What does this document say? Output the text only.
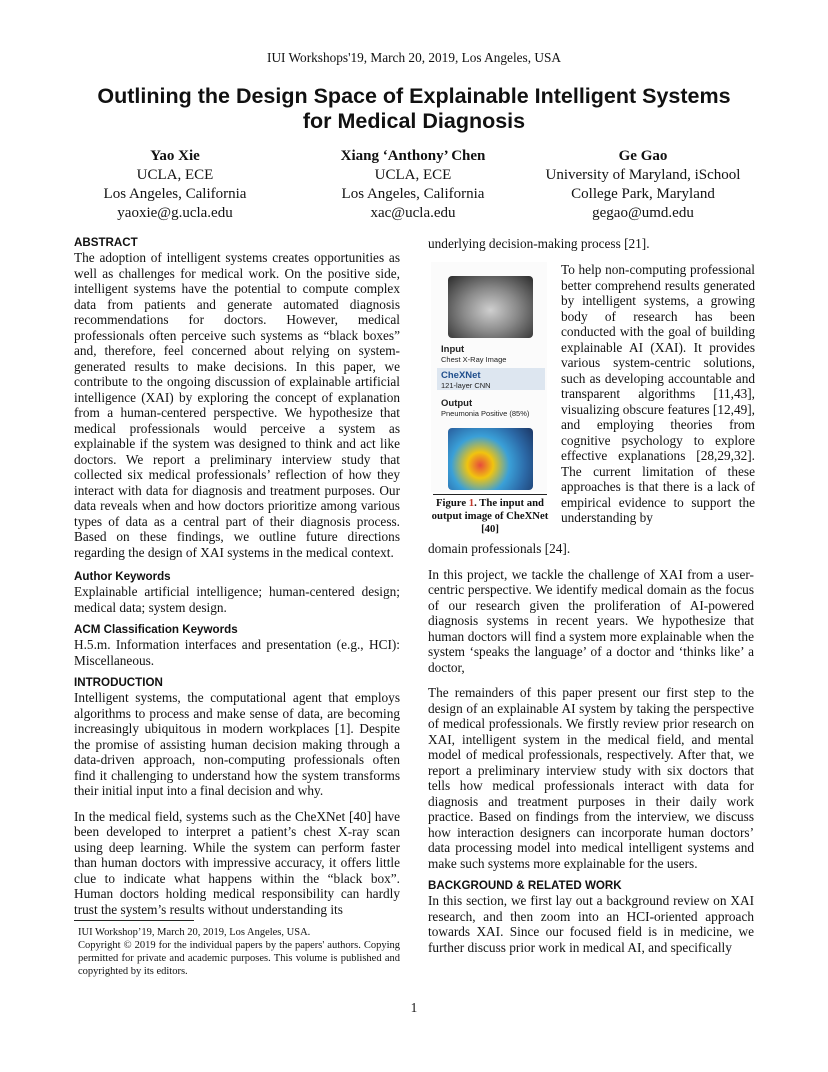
IUI Workshops'19, March 20, 2019, Los Angeles, USA
Outlining the Design Space of Explainable Intelligent Systems
for Medical Diagnosis
Yao Xie
UCLA, ECE
Los Angeles, California
yaoxie@g.ucla.edu
Xiang ‘Anthony’ Chen
UCLA, ECE
Los Angeles, California
xac@ucla.edu
Ge Gao
University of Maryland, iSchool
College Park, Maryland
gegao@umd.edu
ABSTRACT
The adoption of intelligent systems creates opportunities as well as challenges for medical work. On the positive side, intelligent systems have the potential to compute complex data from patients and generate automated diagnosis recommendations for doctors. However, medical professionals often perceive such systems as “black boxes” and, therefore, feel concerned about relying on system-generated results to make decisions. In this paper, we contribute to the ongoing discussion of explainable artificial intelligence (XAI) by exploring the concept of explanation from a human-centered perspective. We hypothesize that medical professionals would perceive a system as explainable if the system was designed to think and act like doctors. We report a preliminary interview study that collected six medical professionals’ reflection of how they interact with data for diagnosis and treatment purposes. Our data reveals when and how doctors prioritize among various types of data as a central part of their diagnosis process. Based on these findings, we outline future directions regarding the design of XAI systems in the medical context.
Author Keywords
Explainable artificial intelligence; human-centered design; medical data; system design.
ACM Classification Keywords
H.5.m. Information interfaces and presentation (e.g., HCI): Miscellaneous.
INTRODUCTION
Intelligent systems, the computational agent that employs algorithms to process and make sense of data, are becoming increasingly ubiquitous in modern workplaces [1]. Despite the promise of assisting human decision making through a data-driven approach, non-computing professionals often find it challenging to understand how the system transforms their initial input into a final decision and why.
In the medical field, systems such as the CheXNet [40] have been developed to interpret a patient’s chest X-ray scan using deep learning. While the system can perform faster than human doctors with impressive accuracy, it offers little clue to indicate what happens within the “black box”. Human doctors holding medical responsibility can hardly trust the system’s results without understanding its
IUI Workshop’19, March 20, 2019, Los Angeles, USA.
Copyright © 2019 for the individual papers by the papers' authors. Copying permitted for private and academic purposes. This volume is published and copyrighted by its editors.
underlying decision-making process [21].
Input
Chest X-Ray Image
CheXNet
121-layer CNN
Output
Pneumonia Positive (85%)
Figure 1. The input and output image of CheXNet [40]
To help non-computing professional better comprehend results generated by intelligent systems, a growing body of research has been conducted with the goal of building explainable AI (XAI). It provides various system-centric solutions, such as developing accountable and transparent algorithms [11,43], visualizing obscure features [12,49], and employing theories from cognitive psychology to explore effective explanations [28,29,32]. The current limitation of these approaches is that there is a lack of empirical evidence to support the understanding by
domain professionals [24].
In this project, we tackle the challenge of XAI from a user-centric perspective. We identify medical domain as the focus of our research given the proliferation of AI-powered diagnosis systems in recent years. We hypothesize that human doctors will find a system more explainable when the system ‘speaks the language’ of a doctor and ‘thinks like’ a doctor,
The remainders of this paper present our first step to the design of an explainable AI system by taking the perspective of medical professionals. We firstly review prior research on XAI, intelligent system in the medical field, and mental model of medical professionals, respectively. After that, we report a preliminary interview study with six doctors that tells how medical professionals interact with data for diagnosis and treatment purposes in their daily work practice. Based on findings from the interview, we discuss how interaction designers can incorporate human doctors’ data processing model into medical intelligent systems and make such systems more explainable for the users.
BACKGROUND & RELATED WORK
In this section, we first lay out a background review on XAI research, and then zoom into an HCI-oriented approach towards XAI. Since our focused field is in medicine, we further discuss prior work in medical AI, and specifically
1
